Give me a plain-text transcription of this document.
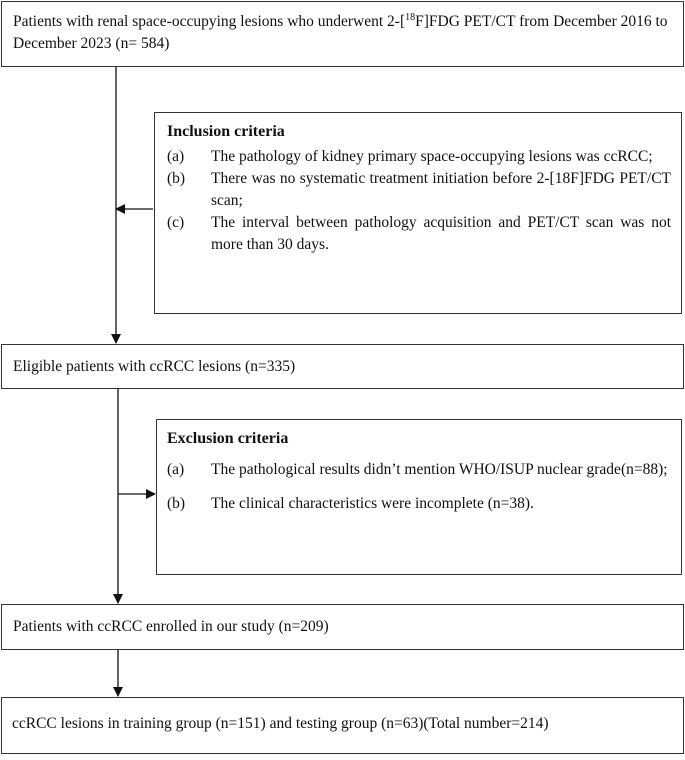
Patients with renal space-occupying lesions who underwent 2-[$^{18}$F]FDG PET/CT from December 2016 to December 2023 (n= 584)
Inclusion criteria
(a)	The pathology of kidney primary space-occupying lesions was ccRCC;
(b)	There was no systematic treatment initiation before 2-[18F]FDG PET/CT scan;
(c)	The interval between pathology acquisition and PET/CT scan was not more than 30 days.
Eligible patients with ccRCC lesions (n=335)
Exclusion criteria
(a)	The pathological results didn’t mention WHO/ISUP nuclear grade(n=88);
(b)	The clinical characteristics were incomplete (n=38).
Patients with ccRCC enrolled in our study (n=209)
ccRCC lesions in training group (n=151) and testing group (n=63)(Total number=214)
